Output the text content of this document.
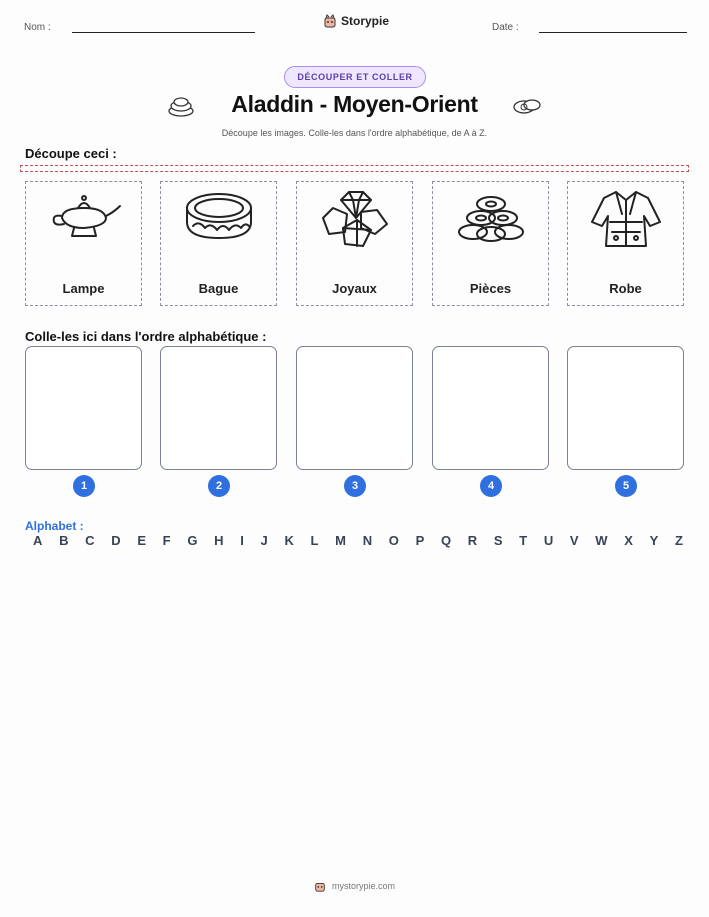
Nom :	Storypie	Date :
DÉCOUPER ET COLLER
Aladdin - Moyen-Orient
Découpe les images. Colle-les dans l'ordre alphabétique, de A à Z.
Découpe ceci :
Lampe	Bague	Joyaux	Pièces	Robe
Colle-les ici dans l'ordre alphabétique :
1	2	3	4	5
Alphabet :
A B C D E F G H I J K L M N O P Q R S T U V W X Y Z
mystorypie.com
